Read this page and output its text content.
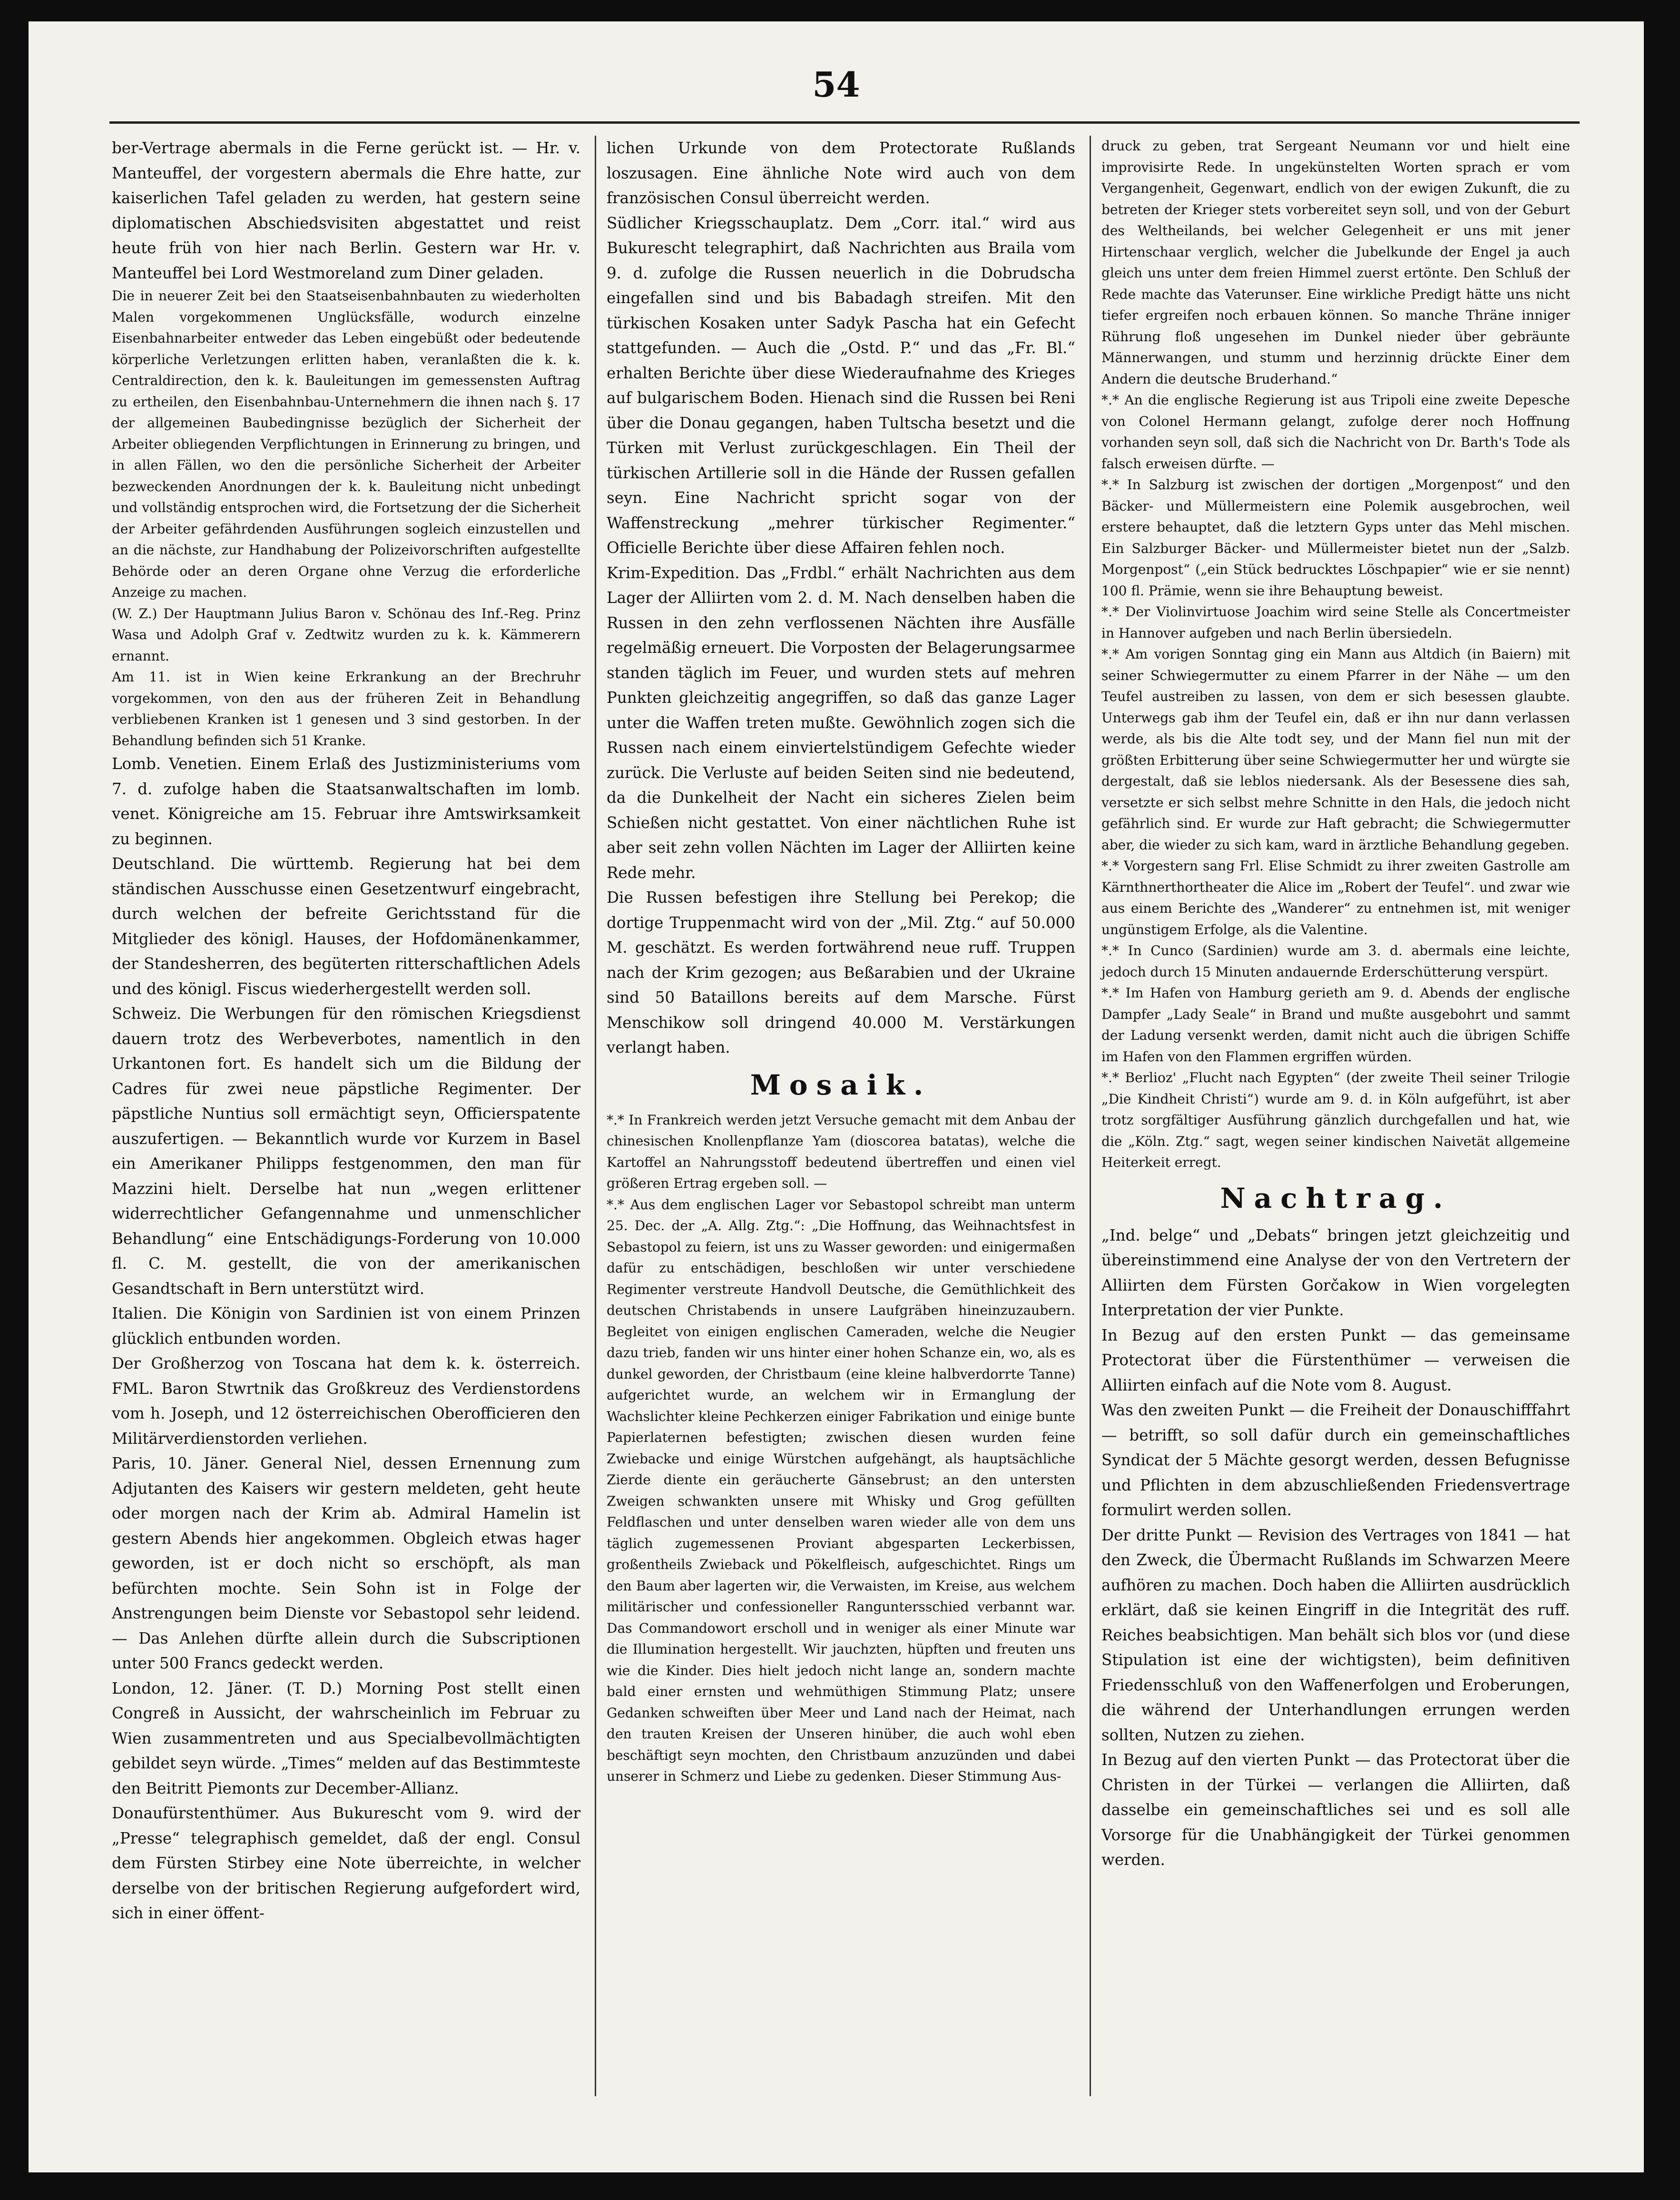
54

ber-Vertrage abermals in die Ferne gerückt ist. — Hr. v. Manteuffel, der vorgestern abermals die Ehre hatte, zur kaiserlichen Tafel geladen zu werden, hat gestern seine diplomatischen Abschiedsvisiten abgestattet und reist heute früh von hier nach Berlin. Gestern war Hr. v. Manteuffel bei Lord Westmoreland zum Diner geladen.

Die in neuerer Zeit bei den Staatseisenbahnbauten zu wiederholten Malen vorgekommenen Unglücksfälle, wodurch einzelne Eisenbahnarbeiter entweder das Leben eingebüßt oder bedeutende körperliche Verletzungen erlitten haben, veranlaßten die k. k. Centraldirection, den k. k. Bauleitungen im gemessensten Auftrag zu ertheilen, den Eisenbahnbau-Unternehmern die ihnen nach §. 17 der allgemeinen Baubedingnisse bezüglich der Sicherheit der Arbeiter obliegenden Verpflichtungen in Erinnerung zu bringen, und in allen Fällen, wo den die persönliche Sicherheit der Arbeiter bezweckenden Anordnungen der k. k. Bauleitung nicht unbedingt und vollständig entsprochen wird, die Fortsetzung der die Sicherheit der Arbeiter gefährdenden Ausführungen sogleich einzustellen und an die nächste, zur Handhabung der Polizeivorschriften aufgestellte Behörde oder an deren Organe ohne Verzug die erforderliche Anzeige zu machen.

(W. Z.) Der Hauptmann Julius Baron v. Schönau des Inf.-Reg. Prinz Wasa und Adolph Graf v. Zedtwitz wurden zu k. k. Kämmerern ernannt.

Am 11. ist in Wien keine Erkrankung an der Brechruhr vorgekommen, von den aus der früheren Zeit in Behandlung verbliebenen Kranken ist 1 genesen und 3 sind gestorben. In der Behandlung befinden sich 51 Kranke.

Lomb. Venetien. Einem Erlaß des Justizministeriums vom 7. d. zufolge haben die Staatsanwaltschaften im lomb. venet. Königreiche am 15. Februar ihre Amtswirksamkeit zu beginnen.

Deutschland. Die württemb. Regierung hat bei dem ständischen Ausschusse einen Gesetzentwurf eingebracht, durch welchen der befreite Gerichtsstand für die Mitglieder des königl. Hauses, der Hofdomänenkammer, der Standesherren, des begüterten ritterschaftlichen Adels und des königl. Fiscus wiederhergestellt werden soll.

Schweiz. Die Werbungen für den römischen Kriegsdienst dauern trotz des Werbeverbotes, namentlich in den Urkantonen fort. Es handelt sich um die Bildung der Cadres für zwei neue päpstliche Regimenter. Der päpstliche Nuntius soll ermächtigt seyn, Officierspatente auszufertigen. — Bekanntlich wurde vor Kurzem in Basel ein Amerikaner Philipps festgenommen, den man für Mazzini hielt. Derselbe hat nun „wegen erlittener widerrechtlicher Gefangennahme und unmenschlicher Behandlung“ eine Entschädigungs-Forderung von 10.000 fl. C. M. gestellt, die von der amerikanischen Gesandtschaft in Bern unterstützt wird.

Italien. Die Königin von Sardinien ist von einem Prinzen glücklich entbunden worden.

Der Großherzog von Toscana hat dem k. k. österreich. FML. Baron Stwrtnik das Großkreuz des Verdienstordens vom h. Joseph, und 12 österreichischen Oberofficieren den Militärverdienstorden verliehen.

Paris, 10. Jäner. General Niel, dessen Ernennung zum Adjutanten des Kaisers wir gestern meldeten, geht heute oder morgen nach der Krim ab. Admiral Hamelin ist gestern Abends hier angekommen. Obgleich etwas hager geworden, ist er doch nicht so erschöpft, als man befürchten mochte. Sein Sohn ist in Folge der Anstrengungen beim Dienste vor Sebastopol sehr leidend. — Das Anlehen dürfte allein durch die Subscriptionen unter 500 Francs gedeckt werden.

London, 12. Jäner. (T. D.) Morning Post stellt einen Congreß in Aussicht, der wahrscheinlich im Februar zu Wien zusammentreten und aus Specialbevollmächtigten gebildet seyn würde. „Times“ melden auf das Bestimmteste den Beitritt Piemonts zur December-Allianz.

Donaufürstenthümer. Aus Bukurescht vom 9. wird der „Presse“ telegraphisch gemeldet, daß der engl. Consul dem Fürsten Stirbey eine Note überreichte, in welcher derselbe von der britischen Regierung aufgefordert wird, sich in einer öffent-

lichen Urkunde von dem Protectorate Rußlands loszusagen. Eine ähnliche Note wird auch von dem französischen Consul überreicht werden.

Südlicher Kriegsschauplatz. Dem „Corr. ital.“ wird aus Bukurescht telegraphirt, daß Nachrichten aus Braila vom 9. d. zufolge die Russen neuerlich in die Dobrudscha eingefallen sind und bis Babadagh streifen. Mit den türkischen Kosaken unter Sadyk Pascha hat ein Gefecht stattgefunden. — Auch die „Ostd. P.“ und das „Fr. Bl.“ erhalten Berichte über diese Wiederaufnahme des Krieges auf bulgarischem Boden. Hienach sind die Russen bei Reni über die Donau gegangen, haben Tultscha besetzt und die Türken mit Verlust zurückgeschlagen. Ein Theil der türkischen Artillerie soll in die Hände der Russen gefallen seyn. Eine Nachricht spricht sogar von der Waffenstreckung „mehrer türkischer Regimenter.“ Officielle Berichte über diese Affairen fehlen noch.

Krim-Expedition. Das „Frdbl.“ erhält Nachrichten aus dem Lager der Alliirten vom 2. d. M. Nach denselben haben die Russen in den zehn verflossenen Nächten ihre Ausfälle regelmäßig erneuert. Die Vorposten der Belagerungsarmee standen täglich im Feuer, und wurden stets auf mehren Punkten gleichzeitig angegriffen, so daß das ganze Lager unter die Waffen treten mußte. Gewöhnlich zogen sich die Russen nach einem einviertelstündigem Gefechte wieder zurück. Die Verluste auf beiden Seiten sind nie bedeutend, da die Dunkelheit der Nacht ein sicheres Zielen beim Schießen nicht gestattet. Von einer nächtlichen Ruhe ist aber seit zehn vollen Nächten im Lager der Alliirten keine Rede mehr.

Die Russen befestigen ihre Stellung bei Perekop; die dortige Truppenmacht wird von der „Mil. Ztg.“ auf 50.000 M. geschätzt. Es werden fortwährend neue ruff. Truppen nach der Krim gezogen; aus Beßarabien und der Ukraine sind 50 Bataillons bereits auf dem Marsche. Fürst Menschikow soll dringend 40.000 M. Verstärkungen verlangt haben.

Mosaik.

*.* In Frankreich werden jetzt Versuche gemacht mit dem Anbau der chinesischen Knollenpflanze Yam (dioscorea batatas), welche die Kartoffel an Nahrungsstoff bedeutend übertreffen und einen viel größeren Ertrag ergeben soll. —

*.* Aus dem englischen Lager vor Sebastopol schreibt man unterm 25. Dec. der „A. Allg. Ztg.“: „Die Hoffnung, das Weihnachtsfest in Sebastopol zu feiern, ist uns zu Wasser geworden: und einigermaßen dafür zu entschädigen, beschloßen wir unter verschiedene Regimenter verstreute Handvoll Deutsche, die Gemüthlichkeit des deutschen Christabends in unsere Laufgräben hineinzuzaubern. Begleitet von einigen englischen Cameraden, welche die Neugier dazu trieb, fanden wir uns hinter einer hohen Schanze ein, wo, als es dunkel geworden, der Christbaum (eine kleine halbverdorrte Tanne) aufgerichtet wurde, an welchem wir in Ermanglung der Wachslichter kleine Pechkerzen einiger Fabrikation und einige bunte Papierlaternen befestigten; zwischen diesen wurden feine Zwiebacke und einige Würstchen aufgehängt, als hauptsächliche Zierde diente ein geräucherte Gänsebrust; an den untersten Zweigen schwankten unsere mit Whisky und Grog gefüllten Feldflaschen und unter denselben waren wieder alle von dem uns täglich zugemessenen Proviant abgesparten Leckerbissen, großentheils Zwieback und Pökelfleisch, aufgeschichtet. Rings um den Baum aber lagerten wir, die Verwaisten, im Kreise, aus welchem militärischer und confessioneller Ranguntersschied verbannt war. Das Commandowort erscholl und in weniger als einer Minute war die Illumination hergestellt. Wir jauchzten, hüpften und freuten uns wie die Kinder. Dies hielt jedoch nicht lange an, sondern machte bald einer ernsten und wehmüthigen Stimmung Platz; unsere Gedanken schweiften über Meer und Land nach der Heimat, nach den trauten Kreisen der Unseren hinüber, die auch wohl eben beschäftigt seyn mochten, den Christbaum anzuzünden und dabei unserer in Schmerz und Liebe zu gedenken. Dieser Stimmung Aus-

druck zu geben, trat Sergeant Neumann vor und hielt eine improvisirte Rede. In ungekünstelten Worten sprach er vom Vergangenheit, Gegenwart, endlich von der ewigen Zukunft, die zu betreten der Krieger stets vorbereitet seyn soll, und von der Geburt des Weltheilands, bei welcher Gelegenheit er uns mit jener Hirtenschaar verglich, welcher die Jubelkunde der Engel ja auch gleich uns unter dem freien Himmel zuerst ertönte. Den Schluß der Rede machte das Vaterunser. Eine wirkliche Predigt hätte uns nicht tiefer ergreifen noch erbauen können. So manche Thräne inniger Rührung floß ungesehen im Dunkel nieder über gebräunte Männerwangen, und stumm und herzinnig drückte Einer dem Andern die deutsche Bruderhand.“

*.* An die englische Regierung ist aus Tripoli eine zweite Depesche von Colonel Hermann gelangt, zufolge derer noch Hoffnung vorhanden seyn soll, daß sich die Nachricht von Dr. Barth's Tode als falsch erweisen dürfte. —

*.* In Salzburg ist zwischen der dortigen „Morgenpost“ und den Bäcker- und Müllermeistern eine Polemik ausgebrochen, weil erstere behauptet, daß die letztern Gyps unter das Mehl mischen. Ein Salzburger Bäcker- und Müllermeister bietet nun der „Salzb. Morgenpost“ („ein Stück bedrucktes Löschpapier“ wie er sie nennt) 100 fl. Prämie, wenn sie ihre Behauptung beweist.

*.* Der Violinvirtuose Joachim wird seine Stelle als Concertmeister in Hannover aufgeben und nach Berlin übersiedeln.

*.* Am vorigen Sonntag ging ein Mann aus Altdich (in Baiern) mit seiner Schwiegermutter zu einem Pfarrer in der Nähe — um den Teufel austreiben zu lassen, von dem er sich besessen glaubte. Unterwegs gab ihm der Teufel ein, daß er ihn nur dann verlassen werde, als bis die Alte todt sey, und der Mann fiel nun mit der größten Erbitterung über seine Schwiegermutter her und würgte sie dergestalt, daß sie leblos niedersank. Als der Besessene dies sah, versetzte er sich selbst mehre Schnitte in den Hals, die jedoch nicht gefährlich sind. Er wurde zur Haft gebracht; die Schwiegermutter aber, die wieder zu sich kam, ward in ärztliche Behandlung gegeben.

*.* Vorgestern sang Frl. Elise Schmidt zu ihrer zweiten Gastrolle am Kärnthnerthortheater die Alice im „Robert der Teufel“. und zwar wie aus einem Berichte des „Wanderer“ zu entnehmen ist, mit weniger ungünstigem Erfolge, als die Valentine.

*.* In Cunco (Sardinien) wurde am 3. d. abermals eine leichte, jedoch durch 15 Minuten andauernde Erderschütterung verspürt.

*.* Im Hafen von Hamburg gerieth am 9. d. Abends der englische Dampfer „Lady Seale“ in Brand und mußte ausgebohrt und sammt der Ladung versenkt werden, damit nicht auch die übrigen Schiffe im Hafen von den Flammen ergriffen würden.

*.* Berlioz' „Flucht nach Egypten“ (der zweite Theil seiner Trilogie „Die Kindheit Christi“) wurde am 9. d. in Köln aufgeführt, ist aber trotz sorgfältiger Ausführung gänzlich durchgefallen und hat, wie die „Köln. Ztg.“ sagt, wegen seiner kindischen Naivetät allgemeine Heiterkeit erregt.

Nachtrag.

„Ind. belge“ und „Debats“ bringen jetzt gleichzeitig und übereinstimmend eine Analyse der von den Vertretern der Alliirten dem Fürsten Gorčakow in Wien vorgelegten Interpretation der vier Punkte.

In Bezug auf den ersten Punkt — das gemeinsame Protectorat über die Fürstenthümer — verweisen die Alliirten einfach auf die Note vom 8. August.

Was den zweiten Punkt — die Freiheit der Donauschifffahrt — betrifft, so soll dafür durch ein gemeinschaftliches Syndicat der 5 Mächte gesorgt werden, dessen Befugnisse und Pflichten in dem abzuschließenden Friedensvertrage formulirt werden sollen.

Der dritte Punkt — Revision des Vertrages von 1841 — hat den Zweck, die Übermacht Rußlands im Schwarzen Meere aufhören zu machen. Doch haben die Alliirten ausdrücklich erklärt, daß sie keinen Eingriff in die Integrität des ruff. Reiches beabsichtigen. Man behält sich blos vor (und diese Stipulation ist eine der wichtigsten), beim definitiven Friedensschluß von den Waffenerfolgen und Eroberungen, die während der Unterhandlungen errungen werden sollten, Nutzen zu ziehen.

In Bezug auf den vierten Punkt — das Protectorat über die Christen in der Türkei — verlangen die Alliirten, daß dasselbe ein gemeinschaftliches sei und es soll alle Vorsorge für die Unabhängigkeit der Türkei genommen werden.
